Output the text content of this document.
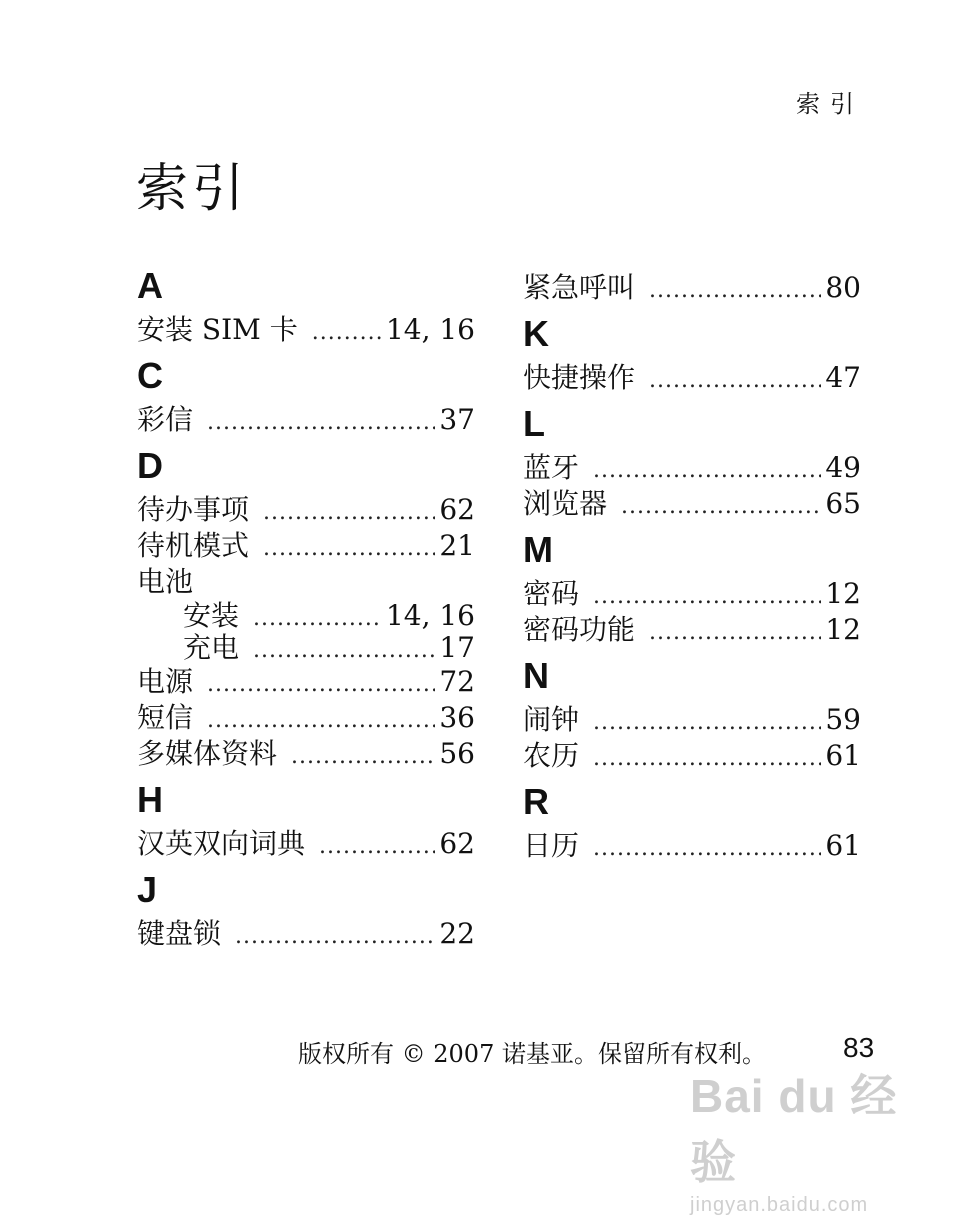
索引
索引
A
安装 SIM 卡 .....	14, 16
C
彩信 .....	37
D
待办事项 .....	62
待机模式 .....	21
电池
安装 .....	14, 16
充电 .....	17
电源 .....	72
短信 .....	36
多媒体资料 .....	56
H
汉英双向词典 .....	62
J
键盘锁 .....	22
紧急呼叫 .....	80
K
快捷操作 .....	47
L
蓝牙 .....	49
浏览器 .....	65
M
密码 .....	12
密码功能 .....	12
N
闹钟 .....	59
农历 .....	61
R
日历 .....	61
版权所有 © 2007 诺基亚。保留所有权利。	83
Bai du 经验
jingyan.baidu.com
